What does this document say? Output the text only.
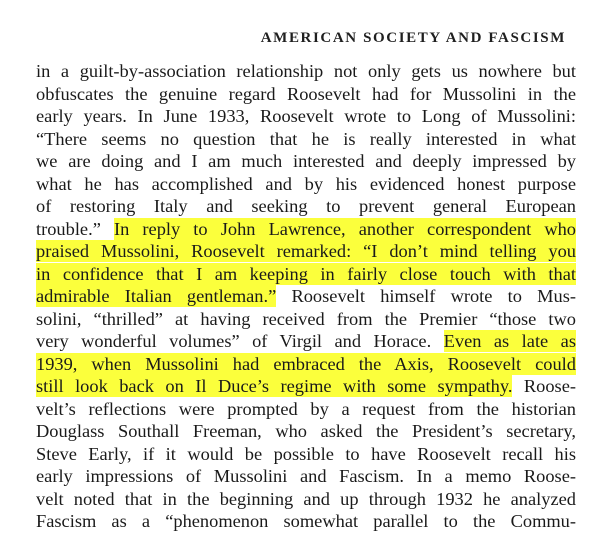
AMERICAN SOCIETY AND FASCISM
in a guilt-by-association relationship not only gets us nowhere but
obfuscates the genuine regard Roosevelt had for Mussolini in the
early years. In June 1933, Roosevelt wrote to Long of Mussolini:
“There seems no question that he is really interested in what
we are doing and I am much interested and deeply impressed by
what he has accomplished and by his evidenced honest purpose
of restoring Italy and seeking to prevent general European
trouble.” In reply to John Lawrence, another correspondent who
praised Mussolini, Roosevelt remarked: “I don’t mind telling you
in confidence that I am keeping in fairly close touch with that
admirable Italian gentleman.” Roosevelt himself wrote to Mus-
solini, “thrilled” at having received from the Premier “those two
very wonderful volumes” of Virgil and Horace. Even as late as
1939, when Mussolini had embraced the Axis, Roosevelt could
still look back on Il Duce’s regime with some sympathy. Roose-
velt’s reflections were prompted by a request from the historian
Douglass Southall Freeman, who asked the President’s secretary,
Steve Early, if it would be possible to have Roosevelt recall his
early impressions of Mussolini and Fascism. In a memo Roose-
velt noted that in the beginning and up through 1932 he analyzed
Fascism as a “phenomenon somewhat parallel to the Commu-
